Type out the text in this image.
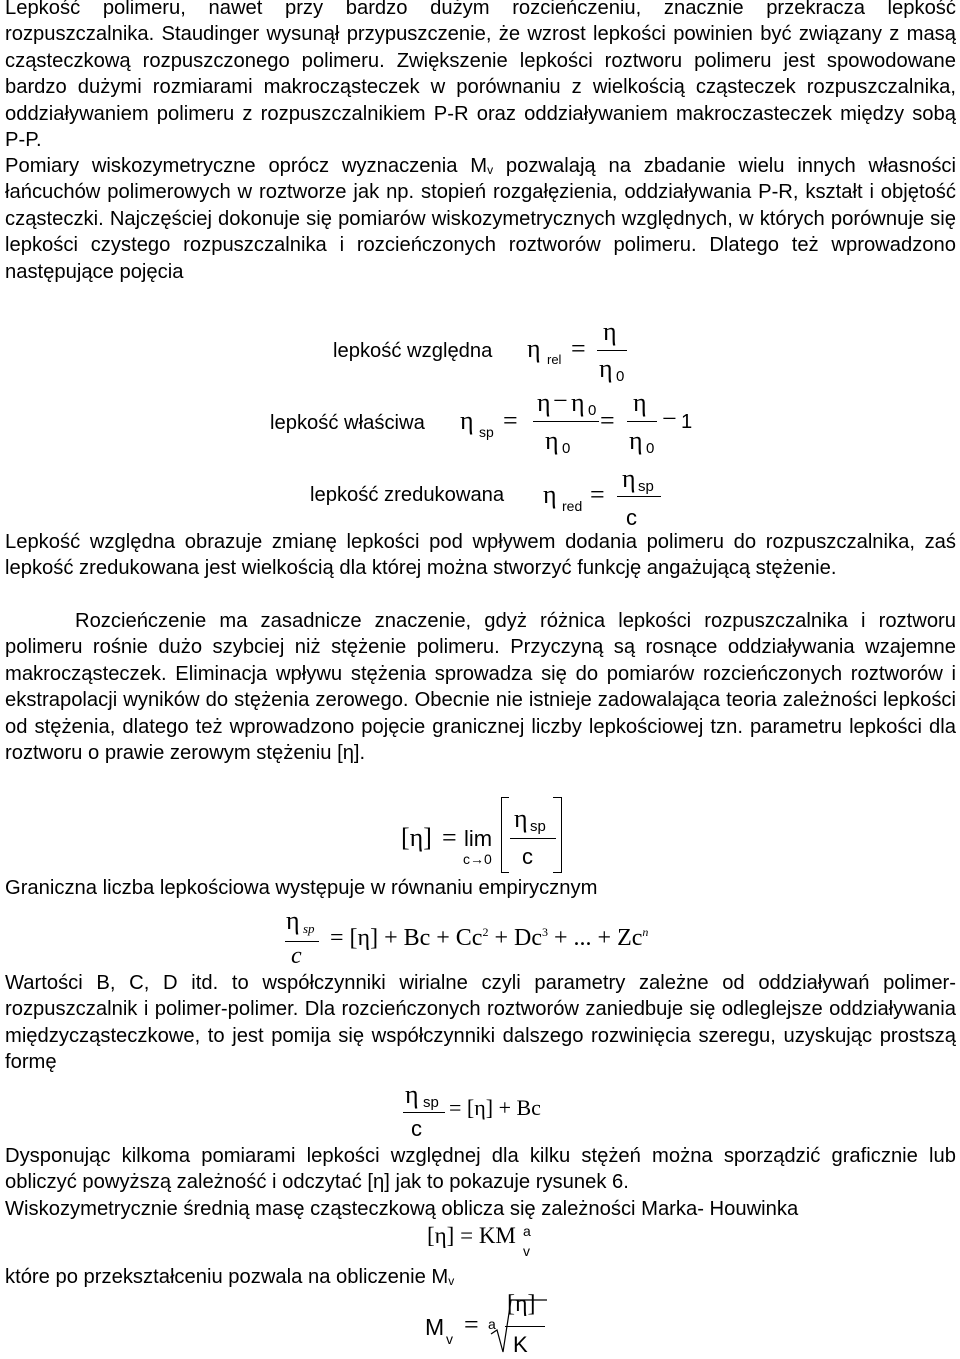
Lepkość polimeru, nawet przy bardzo dużym rozcieńczeniu, znacznie przekracza lepkość rozpuszczalnika. Staudinger wysunął przypuszczenie, że wzrost lepkości powinien być związany z masą cząsteczkową rozpuszczonego polimeru. Zwiększenie lepkości roztworu polimeru jest spowodowane bardzo dużymi rozmiarami makrocząsteczek w porównaniu z wielkością cząsteczek rozpuszczalnika, oddziaływaniem polimeru z rozpuszczalnikiem P-R oraz oddziaływaniem makroczasteczek między sobą P-P.

Pomiary wiskozymetryczne oprócz wyznaczenia $M_v$ pozwalają na zbadanie wielu innych własności łańcuchów polimerowych w roztworze jak np. stopień rozgałęzienia, oddziaływania P-R, kształt i objętość cząsteczki. Najczęściej dokonuje się pomiarów wiskozymetrycznych względnych, w których porównuje się lepkości czystego rozpuszczalnika i rozcieńczonych roztworów polimeru. Dlatego też wprowadzono następujące pojęcia

lepkość względna η rel =
η
η 0
lepkość właściwa η sp =
η − η 0
η 0
=
η
η 0
− 1
lepkość zredukowana η red =
η sp
c

Lepkość względna obrazuje zmianę lepkości pod wpływem dodania polimeru do rozpuszczalnika, zaś lepkość zredukowana jest wielkością dla której można stworzyć funkcję angażującą stężenie.

Rozcieńczenie ma zasadnicze znaczenie, gdyż różnica lepkości rozpuszczalnika i roztworu polimeru rośnie dużo szybciej niż stężenie polimeru. Przyczyną są rosnące oddziaływania wzajemne makrocząsteczek. Eliminacja wpływu stężenia sprowadza się do pomiarów rozcieńczonych roztworów i ekstrapolacji wyników do stężenia zerowego. Obecnie nie istnieje zadowalająca teoria zależności lepkości od stężenia, dlatego też wprowadzono pojęcie granicznej liczby lepkościowej tzn. parametru lepkości dla roztworu o prawie zerowym stężeniu [η].

[η] = lim
c→0
η sp
c

Graniczna liczba lepkościowa występuje w równaniu empirycznym

η sp
c
= $[\eta] + Bc + Cc^2 + Dc^3$ + ... + $Zc^n$

Wartości B, C, D itd. to współczynniki wirialne czyli parametry zależne od oddziaływań polimer-rozpuszczalnik i polimer-polimer. Dla rozcieńczonych roztworów zaniedbuje się odleglejsze oddziaływania międzycząsteczkowe, to jest pomija się współczynniki dalszego rozwinięcia szeregu, uzyskując prostszą formę

η sp
c
= [η] + Bc

Dysponując kilkoma pomiarami lepkości względnej dla kilku stężeń można sporządzić graficznie lub obliczyć powyższą zależność i odczytać [η] jak to pokazuje rysunek 6.

Wiskozymetrycznie średnią masę cząsteczkową oblicza się zależności Marka- Houwinka

[η] = KM a
v

które po przekształceniu pozwala na obliczenie $M_v$

M v = a
[η]
K
